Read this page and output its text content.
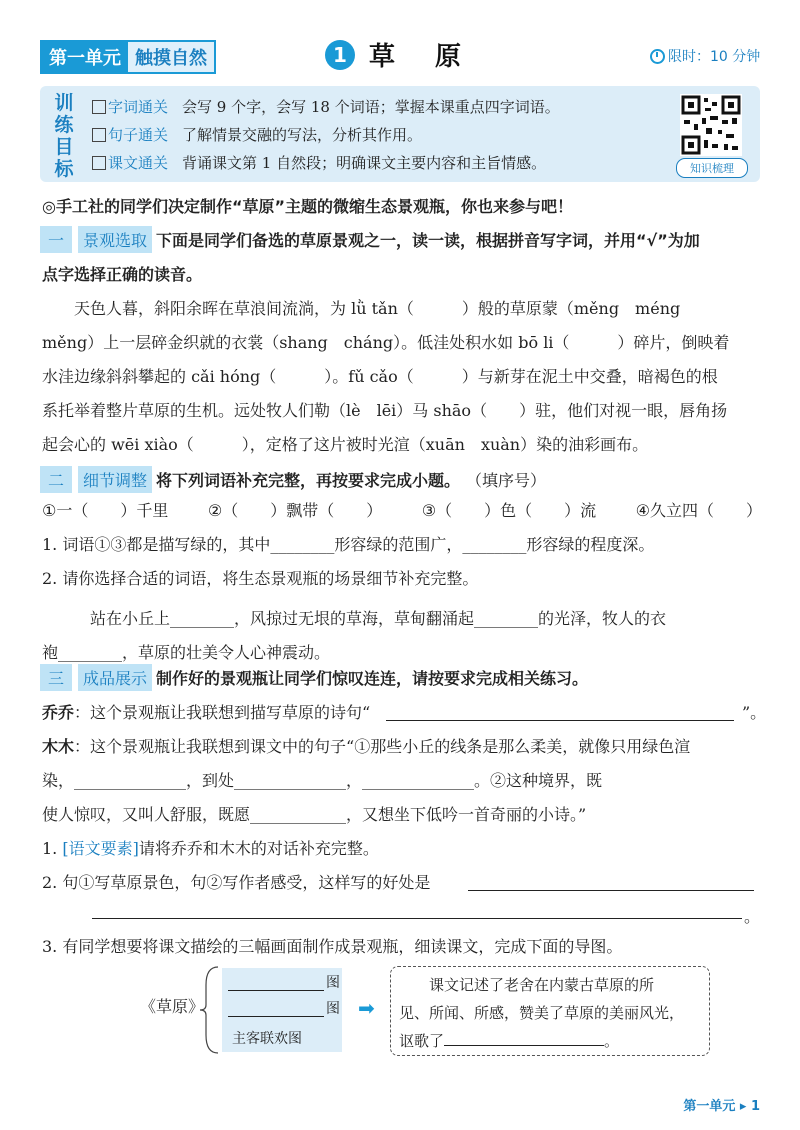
第一单元 触摸自然	1 草原	限时：10 分钟
训
练
目
标
字词通关 会写 9 个字，会写 18 个词语；掌握本课重点四字词语。
句子通关 了解情景交融的写法，分析其作用。
课文通关 背诵课文第 1 自然段；明确课文主要内容和主旨情感。	知识梳理
◎手工社的同学们决定制作“草原”主题的微缩生态景观瓶，你也来参与吧！
一	景观选取 下面是同学们备选的草原景观之一，读一读，根据拼音写字词，并用“√”为加
点字选择正确的读音。
天色人暮，斜阳余晖在草浪间流淌，为 lǜ tǎn（　　　）般的草原蒙（měng　méng
měng）上一层碎金织就的衣裳（shang　cháng）。低洼处积水如 bō li（　　　）碎片，倒映着
水洼边缘斜斜攀起的 cǎi hóng（　　　）。fǔ cǎo（　　　）与新芽在泥土中交叠，暗褐色的根
系托举着整片草原的生机。远处牧人们勒（lè　lēi）马 shāo（　　）驻，他们对视一眼，唇角扬
起会心的 wēi xiào（　　　），定格了这片被时光渲（xuān　xuàn）染的油彩画布。
二	细节调整 将下列词语补充完整，再按要求完成小题。 （填序号）
①一（　　）千里 ②（　　）飘带（　　） ③（　　）色（　　）流 ④久立四（　　）
1. 词语①③都是描写绿的，其中________形容绿的范围广，________形容绿的程度深。
2. 请你选择合适的词语，将生态景观瓶的场景细节补充完整。
站在小丘上________，风掠过无垠的草海，草甸翻涌起________的光泽，牧人的衣
袍________，草原的壮美令人心神震动。
三	成品展示 制作好的景观瓶让同学们惊叹连连，请按要求完成相关练习。
乔乔：这个景观瓶让我联想到描写草原的诗句“	”。
木木：这个景观瓶让我联想到课文中的句子“①那些小丘的线条是那么柔美，就像只用绿色渲
染，______________，到处______________，______________。②这种境界，既
使人惊叹，又叫人舒服，既愿____________，又想坐下低吟一首奇丽的小诗。”
1. [语文要素]请将乔乔和木木的对话补充完整。
2. 句①写草原景色，句②写作者感受，这样写的好处是
。
3. 有同学想要将课文描绘的三幅画面制作成景观瓶，细读课文，完成下面的导图。
《草原》
图
图
主客联欢图
➡
课文记述了老舍在内蒙古草原的所
见、所闻、所感，赞美了草原的美丽风光，
讴歌了	。
第一单元 ▸ 1
